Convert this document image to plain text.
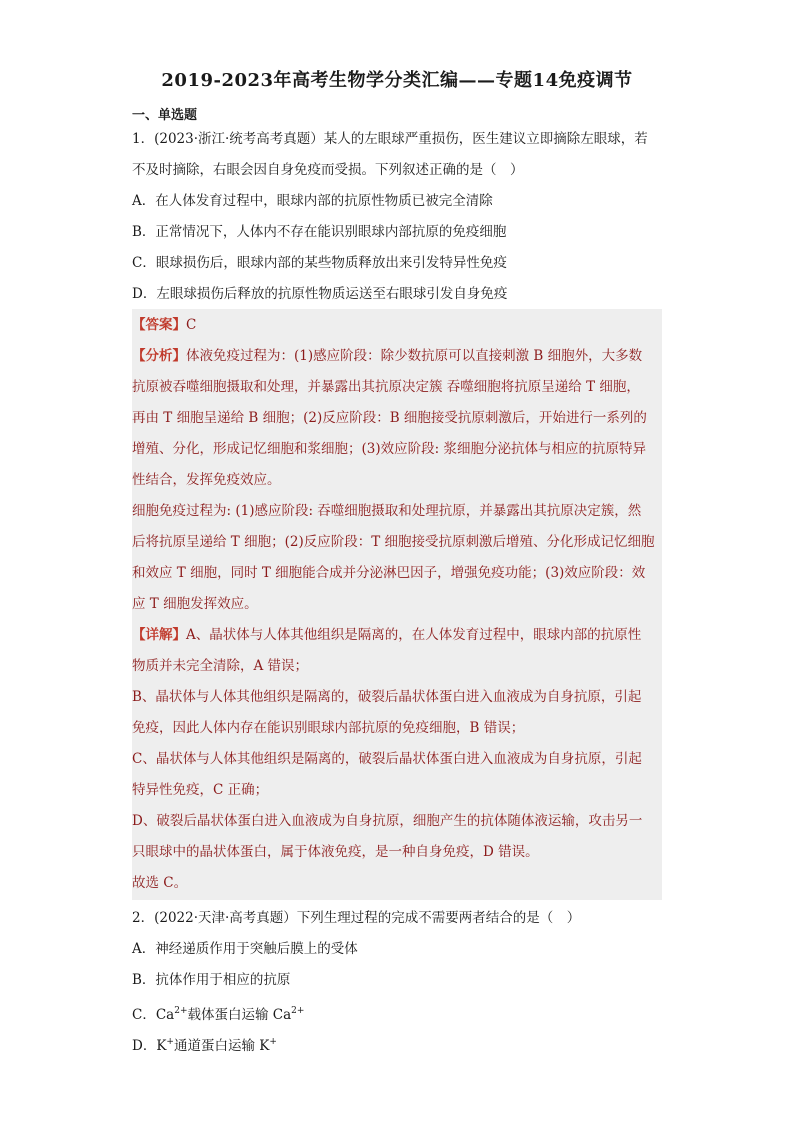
2019-2023年高考生物学分类汇编——专题14免疫调节
一、单选题
1．(2023·浙江·统考高考真题）某人的左眼球严重损伤，医生建议立即摘除左眼球，若
不及时摘除，右眼会因自身免疫而受损。下列叙述正确的是（　）
A．在人体发育过程中，眼球内部的抗原性物质已被完全清除
B．正常情况下，人体内不存在能识别眼球内部抗原的免疫细胞
C．眼球损伤后，眼球内部的某些物质释放出来引发特异性免疫
D．左眼球损伤后释放的抗原性物质运送至右眼球引发自身免疫
【答案】C
【分析】体液免疫过程为：(1)感应阶段：除少数抗原可以直接刺激 B 细胞外，大多数
抗原被吞噬细胞摄取和处理，并暴露出其抗原决定簇 吞噬细胞将抗原呈递给 T 细胞，
再由 T 细胞呈递给 B 细胞；(2)反应阶段：B 细胞接受抗原刺激后，开始进行一系列的
增殖、分化，形成记忆细胞和浆细胞；(3)效应阶段: 浆细胞分泌抗体与相应的抗原特异
性结合，发挥免疫效应。
细胞免疫过程为: (1)感应阶段: 吞噬细胞摄取和处理抗原，并暴露出其抗原决定簇，然
后将抗原呈递给 T 细胞；(2)反应阶段：T 细胞接受抗原刺激后增殖、分化形成记忆细胞
和效应 T 细胞，同时 T 细胞能合成并分泌淋巴因子，增强免疫功能；(3)效应阶段：效
应 T 细胞发挥效应。
【详解】A、晶状体与人体其他组织是隔离的，在人体发育过程中，眼球内部的抗原性
物质并未完全清除，A 错误；
B、晶状体与人体其他组织是隔离的，破裂后晶状体蛋白进入血液成为自身抗原，引起
免疫，因此人体内存在能识别眼球内部抗原的免疫细胞，B 错误；
C、晶状体与人体其他组织是隔离的，破裂后晶状体蛋白进入血液成为自身抗原，引起
特异性免疫，C 正确；
D、破裂后晶状体蛋白进入血液成为自身抗原，细胞产生的抗体随体液运输，攻击另一
只眼球中的晶状体蛋白，属于体液免疫，是一种自身免疫，D 错误。
故选 C。
2．(2022·天津·高考真题）下列生理过程的完成不需要两者结合的是（　）
A．神经递质作用于突触后膜上的受体
B．抗体作用于相应的抗原
C．$Ca^{2+}$载体蛋白运输 $Ca^{2+}$
D．K+通道蛋白运输 K+
